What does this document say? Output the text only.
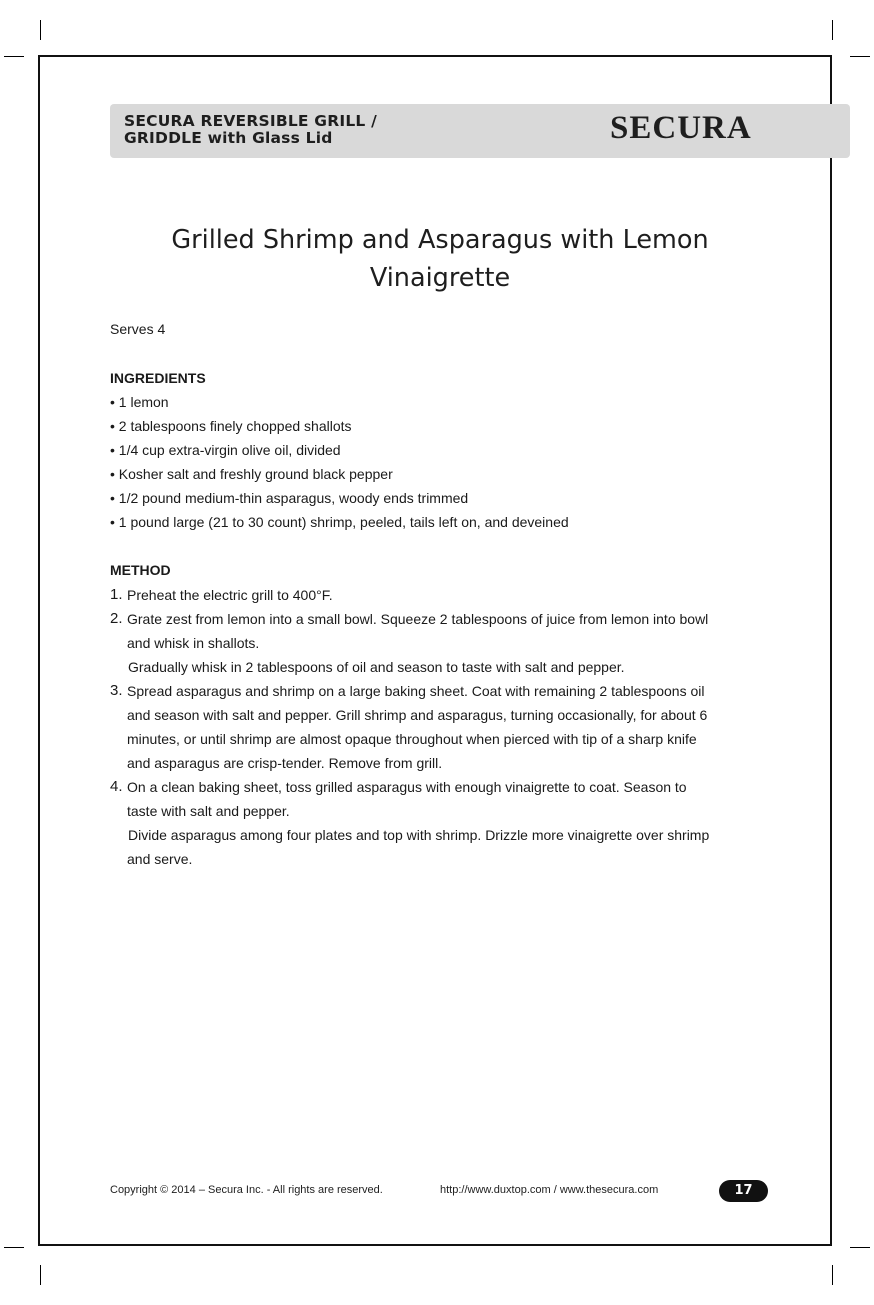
SECURA REVERSIBLE GRILL /
GRIDDLE with Glass Lid	SECURA
Grilled Shrimp and Asparagus with Lemon
Vinaigrette
Serves 4
INGREDIENTS
• 1 lemon
• 2 tablespoons finely chopped shallots
• 1/4 cup extra-virgin olive oil, divided
• Kosher salt and freshly ground black pepper
• 1/2 pound medium-thin asparagus, woody ends trimmed
• 1 pound large (21 to 30 count) shrimp, peeled, tails left on, and deveined
METHOD
1. Preheat the electric grill to 400°F.
2. Grate zest from lemon into a small bowl. Squeeze 2 tablespoons of juice from lemon into bowl
and whisk in shallots.
Gradually whisk in 2 tablespoons of oil and season to taste with salt and pepper.
3. Spread asparagus and shrimp on a large baking sheet. Coat with remaining 2 tablespoons oil
and season with salt and pepper. Grill shrimp and asparagus, turning occasionally, for about 6
minutes, or until shrimp are almost opaque throughout when pierced with tip of a sharp knife
and asparagus are crisp-tender. Remove from grill.
4. On a clean baking sheet, toss grilled asparagus with enough vinaigrette to coat. Season to
taste with salt and pepper.
Divide asparagus among four plates and top with shrimp. Drizzle more vinaigrette over shrimp
and serve.
Copyright © 2014 – Secura Inc. - All rights are reserved.	http://www.duxtop.com / www.thesecura.com	17
